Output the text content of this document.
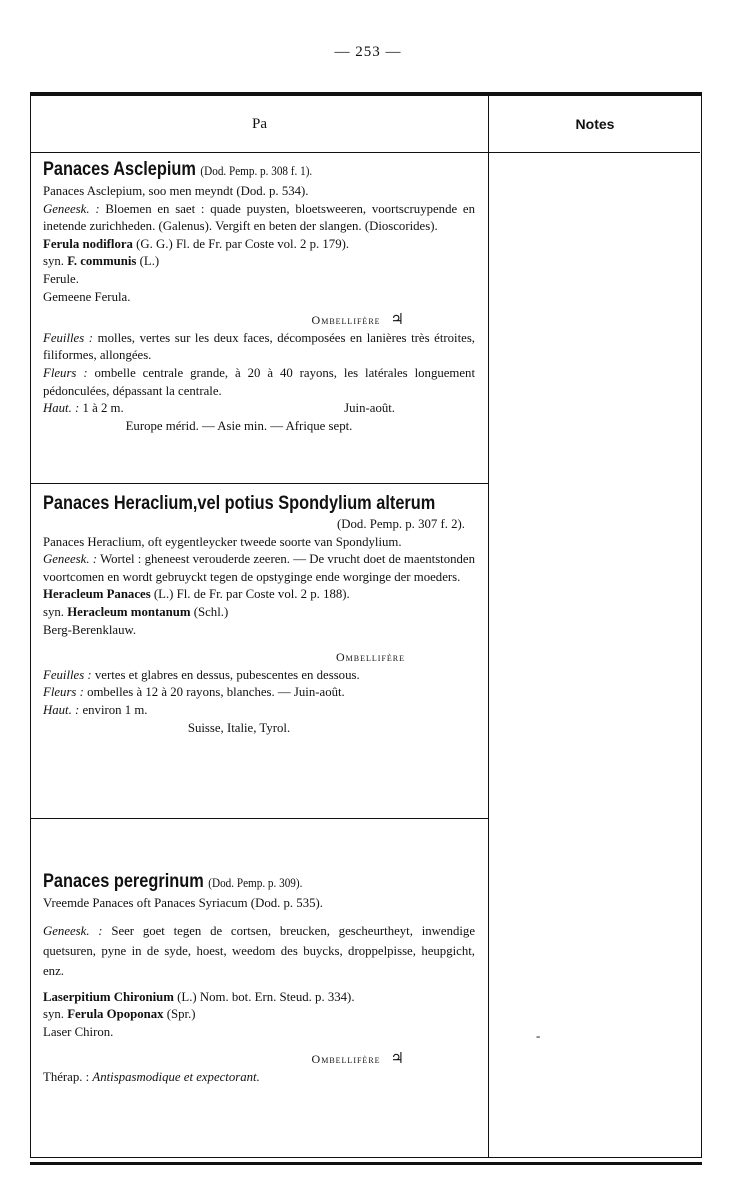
— 253 —
Pa	Notes
-
Panaces Asclepium (Dod. Pemp. p. 308 f. 1).
Panaces Asclepium, soo men meyndt (Dod. p. 534).
Geneesk. : Bloemen en saet : quade puysten, bloetsweeren, voortscruypende en inetende zurichheden. (Galenus). Vergift en beten der slangen. (Dioscorides).
Ferula nodiflora (G. G.) Fl. de Fr. par Coste vol. 2 p. 179).
syn. F. communis (L.)
Ferule.
Gemeene Ferula.
Ombellifère ♃
Feuilles : molles, vertes sur les deux faces, décomposées en lanières très étroites, filiformes, allongées.
Fleurs : ombelle centrale grande, à 20 à 40 rayons, les latérales longuement pédonculées, dépassant la centrale.
Haut. : 1 à 2 m.	Juin-août.
Europe mérid. — Asie min. — Afrique sept.
Panaces Heraclium,vel potius Spondylium alterum
(Dod. Pemp. p. 307 f. 2).
Panaces Heraclium, oft eygentleycker tweede soorte van Spondylium.
Geneesk. : Wortel : gheneest verouderde zeeren. — De vrucht doet de maentstonden voortcomen en wordt gebruyckt tegen de opstyginge ende worginge der moeders.
Heracleum Panaces (L.) Fl. de Fr. par Coste vol. 2 p. 188).
syn. Heracleum montanum (Schl.)
Berg-Berenklauw.
Ombellifère
Feuilles : vertes et glabres en dessus, pubescentes en dessous.
Fleurs : ombelles à 12 à 20 rayons, blanches. — Juin-août.
Haut. : environ 1 m.
Suisse, Italie, Tyrol.
Panaces peregrinum (Dod. Pemp. p. 309).
Vreemde Panaces oft Panaces Syriacum (Dod. p. 535).
Geneesk. : Seer goet tegen de cortsen, breucken, gescheurtheyt, inwendige quetsuren, pyne in de syde, hoest, weedom des buycks, droppelpisse, heupgicht, enz.
Laserpitium Chironium (L.) Nom. bot. Ern. Steud. p. 334).
syn. Ferula Opoponax (Spr.)
Laser Chiron.
Ombellifère ♃
Thérap. : Antispasmodique et expectorant.
